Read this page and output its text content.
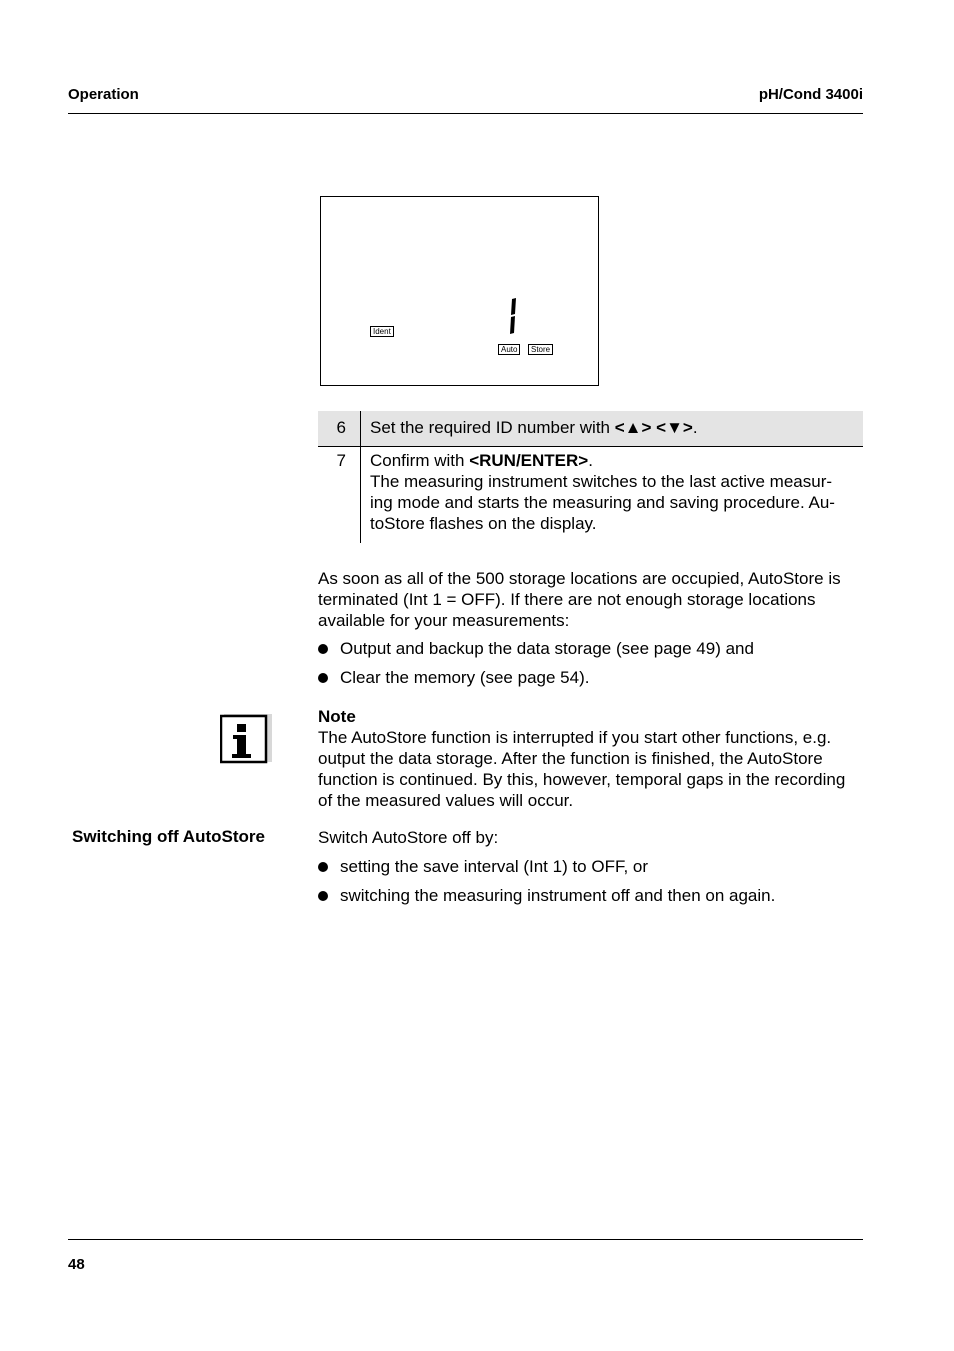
Operation	pH/Cond 3400i
Ident
Auto	Store
6	Set the required ID number with <▲> <▼>.
7	Confirm with <RUN/ENTER>.
The measuring instrument switches to the last active measur-
ing mode and starts the measuring and saving procedure. Au-
toStore flashes on the display.
As soon as all of the 500 storage locations are occupied, AutoStore is
terminated (Int 1 = OFF). If there are not enough storage locations
available for your measurements:
Output and backup the data storage (see page 49) and
Clear the memory (see page 54).
Note
The AutoStore function is interrupted if you start other functions, e.g.
output the data storage. After the function is finished, the AutoStore
function is continued. By this, however, temporal gaps in the recording
of the measured values will occur.
Switching off AutoStore	Switch AutoStore off by:
setting the save interval (Int 1) to OFF, or
switching the measuring instrument off and then on again.
48
